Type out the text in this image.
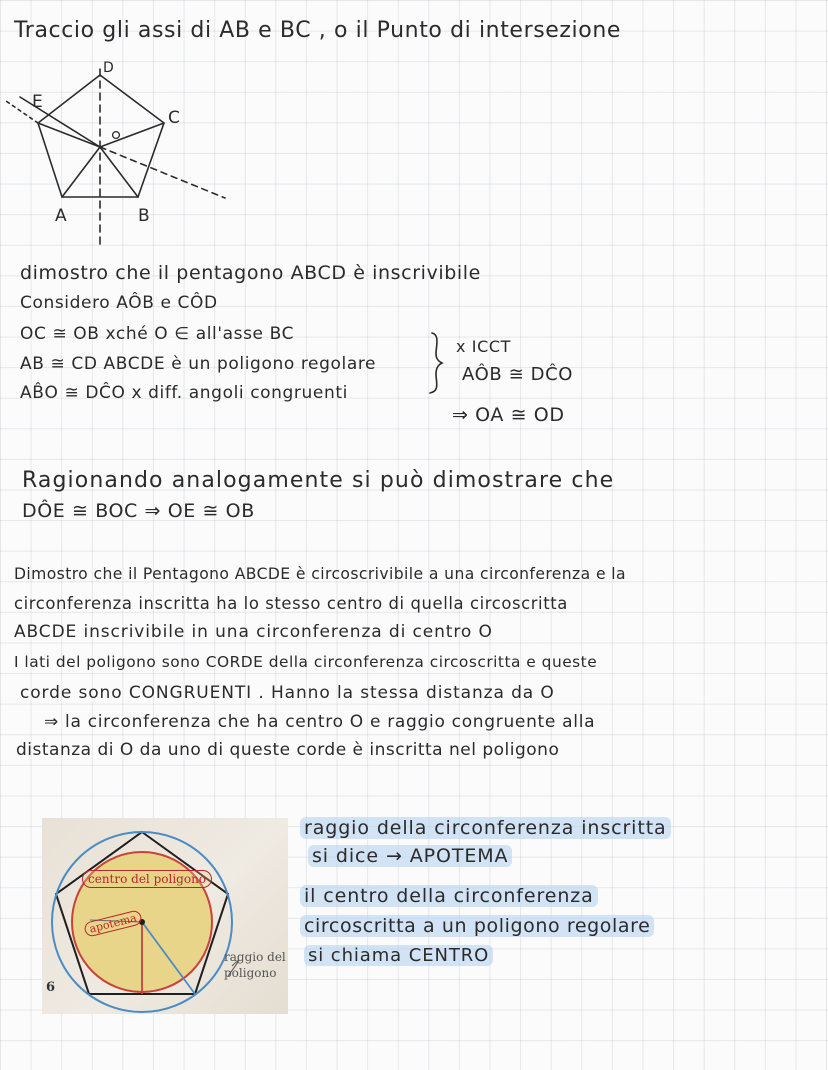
Traccio gli assi di AB e BC , o il Punto di intersezione
D
E
C
A	B
dimostro che il pentagono ABCD è inscrivibile
Considero AÔB e CÔD
OC ≅ OB xché O ∈ all'asse BC
AB ≅ CD ABCDE è un poligono regolare
AB̂O ≅ DĈO x diff. angoli congruenti
x ICCT
AÔB ≅ DĈO
⇒ OA ≅ OD
Ragionando analogamente si può dimostrare che
DÔE ≅ BOC ⇒ OE ≅ OB
Dimostro che il Pentagono ABCDE è circoscrivibile a una circonferenza e la
circonferenza inscritta ha lo stesso centro di quella circoscritta
ABCDE inscrivibile in una circonferenza di centro O
I lati del poligono sono CORDE della circonferenza circoscritta e queste
corde sono CONGRUENTI . Hanno la stessa distanza da O
⇒ la circonferenza che ha centro O e raggio congruente alla
distanza di O da uno di queste corde è inscritta nel poligono
centro del poligono
apotema
raggio del
poligono
6
raggio della circonferenza inscritta
si dice → APOTEMA
il centro della circonferenza
circoscritta a un poligono regolare
si chiama CENTRO
